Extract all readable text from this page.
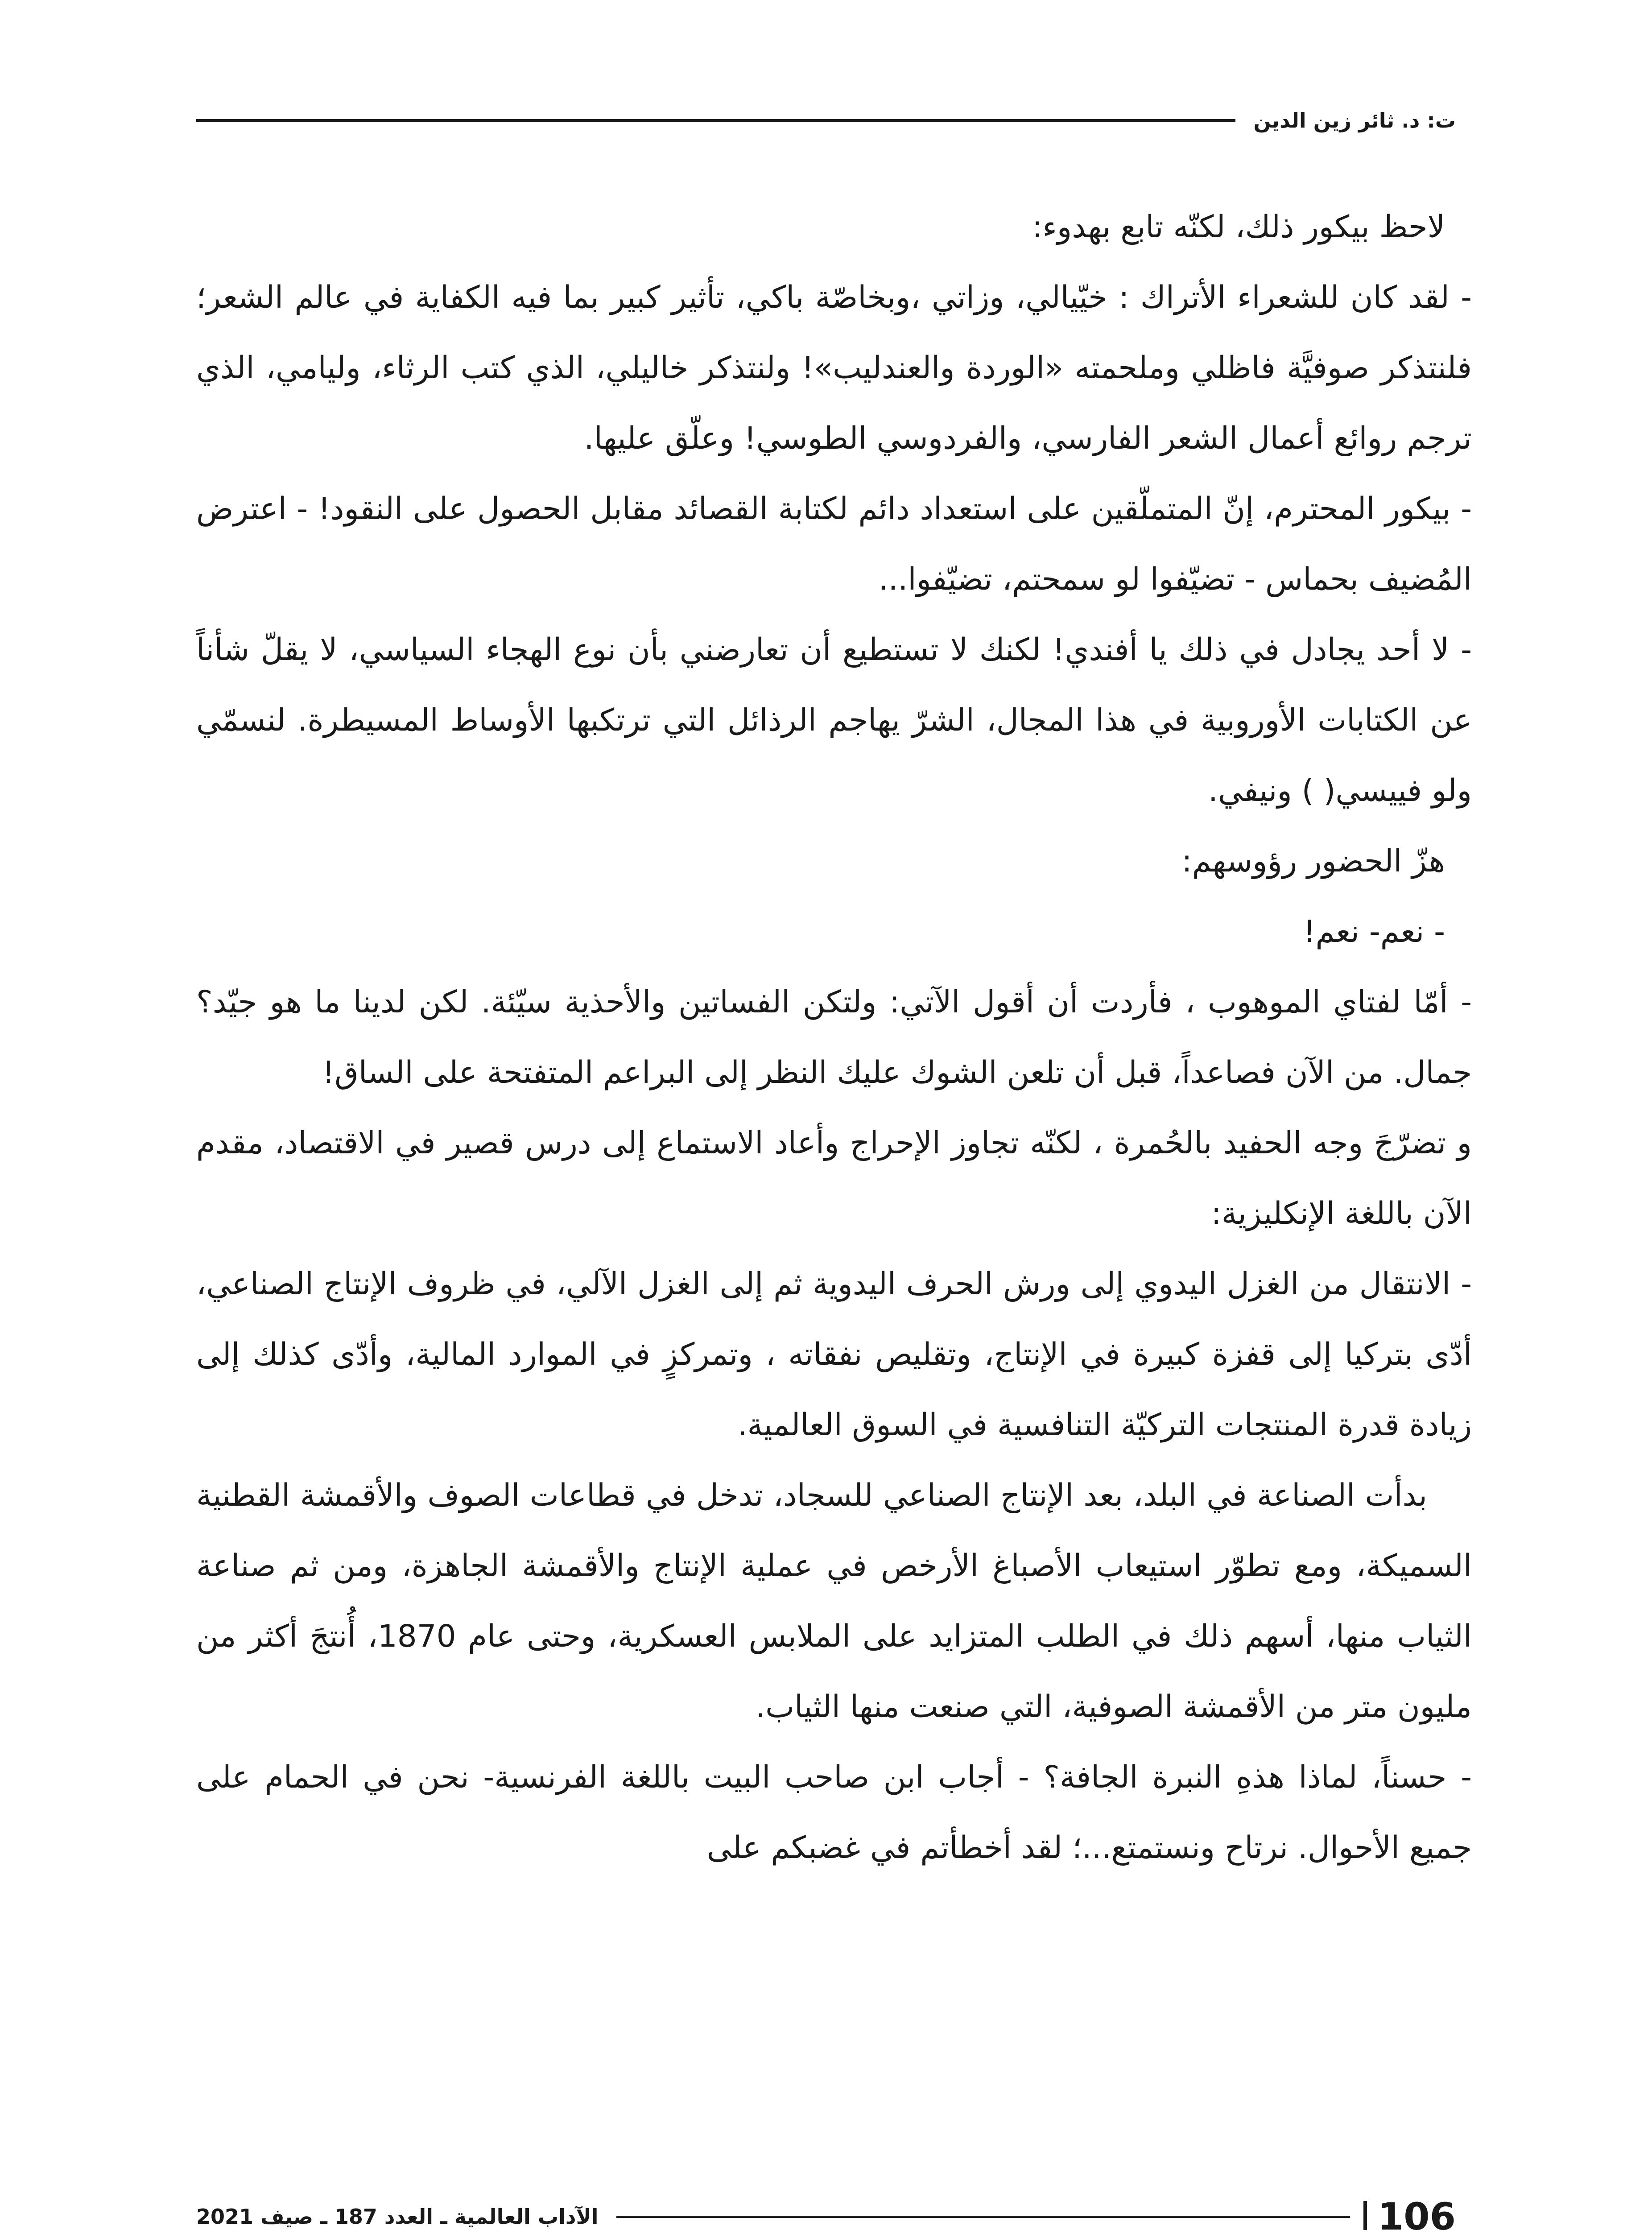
ت: د. ثائر زين الدين

لاحظ بيكور ذلك، لكنّه تابع بهدوء:

- لقد كان للشعراء الأتراك : خيّيالي، وزاتي ،وبخاصّة باكي، تأثير كبير بما فيه الكفاية في عالم الشعر؛ فلنتذكر صوفيَّة فاظلي وملحمته «الوردة والعندليب»! ولنتذكر خاليلي، الذي كتب الرثاء، وليامي، الذي ترجم روائع أعمال الشعر الفارسي، والفردوسي الطوسي! وعلّق عليها.

- بيكور المحترم، إنّ المتملّقين على استعداد دائم لكتابة القصائد مقابل الحصول على النقود! - اعترض المُضيف بحماس - تضيّفوا لو سمحتم، تضيّفوا...

- لا أحد يجادل في ذلك يا أفندي! لكنك لا تستطيع أن تعارضني بأن نوع الهجاء السياسي، لا يقلّ شأناً عن الكتابات الأوروبية في هذا المجال، الشرّ يهاجم الرذائل التي ترتكبها الأوساط المسيطرة. لنسمّي ولو فييسي( ) ونيفي.

هزّ الحضور رؤوسهم:

- نعم- نعم!

- أمّا لفتاي الموهوب ، فأردت أن أقول الآتي: ولتكن الفساتين والأحذية سيّئة. لكن لدينا ما هو جيّد؟ جمال. من الآن فصاعداً، قبل أن تلعن الشوك عليك النظر إلى البراعم المتفتحة على الساق!

و تضرّجَ وجه الحفيد بالحُمرة ، لكنّه تجاوز الإحراج وأعاد الاستماع إلى درس قصير في الاقتصاد، مقدم الآن باللغة الإنكليزية:

- الانتقال من الغزل اليدوي إلى ورش الحرف اليدوية ثم إلى الغزل الآلي، في ظروف الإنتاج الصناعي، أدّى بتركيا إلى قفزة كبيرة في الإنتاج، وتقليص نفقاته ، وتمركزٍ في الموارد المالية، وأدّى كذلك إلى زيادة قدرة المنتجات التركيّة التنافسية في السوق العالمية.

بدأت الصناعة في البلد، بعد الإنتاج الصناعي للسجاد، تدخل في قطاعات الصوف والأقمشة القطنية السميكة، ومع تطوّر استيعاب الأصباغ الأرخص في عملية الإنتاج والأقمشة الجاهزة، ومن ثم صناعة الثياب منها، أسهم ذلك في الطلب المتزايد على الملابس العسكرية، وحتى عام 1870، أُنتجَ أكثر من مليون متر من الأقمشة الصوفية، التي صنعت منها الثياب.

- حسناً، لماذا هذهِ النبرة الجافة؟ - أجاب ابن صاحب البيت باللغة الفرنسية- نحن في الحمام على جميع الأحوال. نرتاح ونستمتع...؛ لقد أخطأتم في غضبكم على

الآداب العالمية ـ العدد 187 ـ صيف 2021	106
